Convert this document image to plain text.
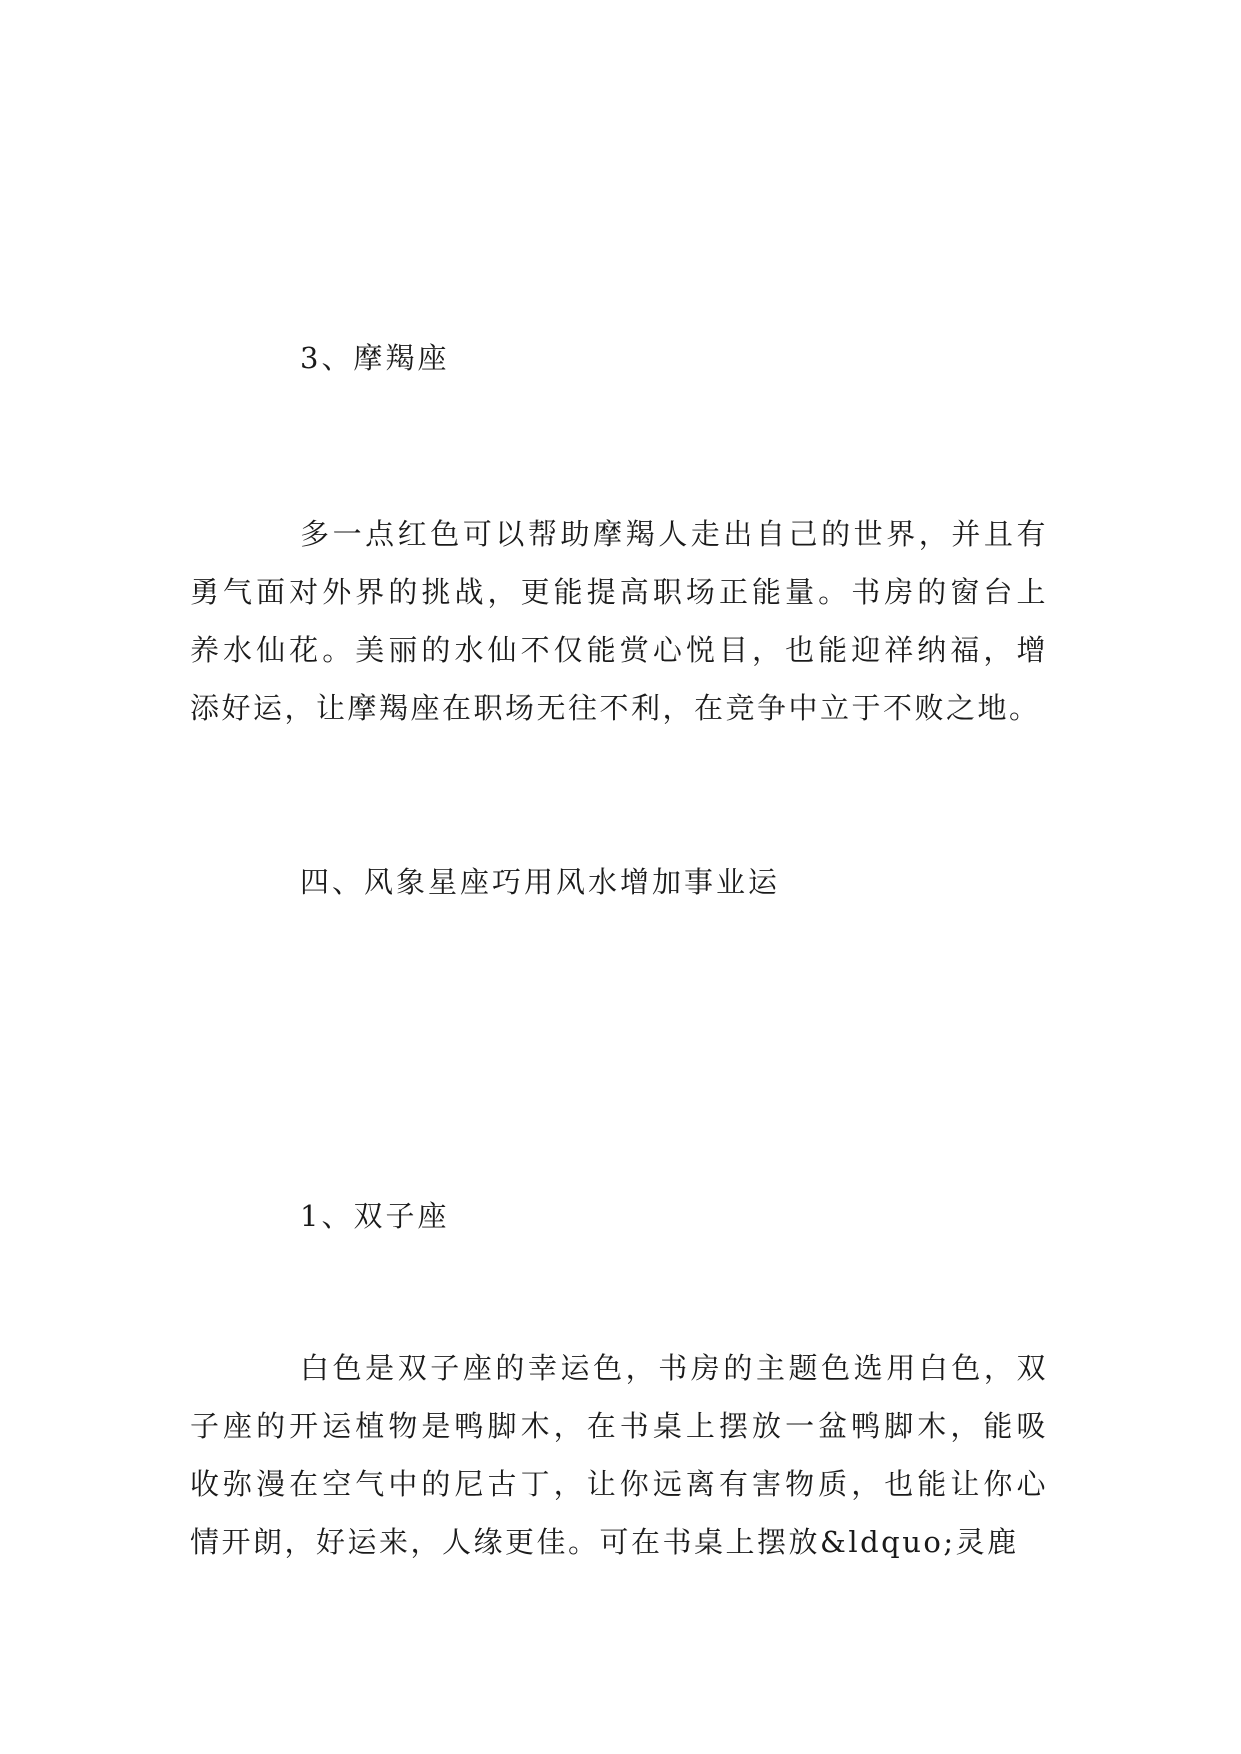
3、摩羯座
多一点红色可以帮助摩羯人走出自己的世界，并且有
勇气面对外界的挑战，更能提高职场正能量。书房的窗台上
养水仙花。美丽的水仙不仅能赏心悦目，也能迎祥纳福，增
添好运，让摩羯座在职场无往不利，在竞争中立于不败之地。
四、风象星座巧用风水增加事业运
1、双子座
白色是双子座的幸运色，书房的主题色选用白色，双
子座的开运植物是鸭脚木，在书桌上摆放一盆鸭脚木，能吸
收弥漫在空气中的尼古丁，让你远离有害物质，也能让你心
情开朗，好运来，人缘更佳。可在书桌上摆放&ldquo;灵鹿
